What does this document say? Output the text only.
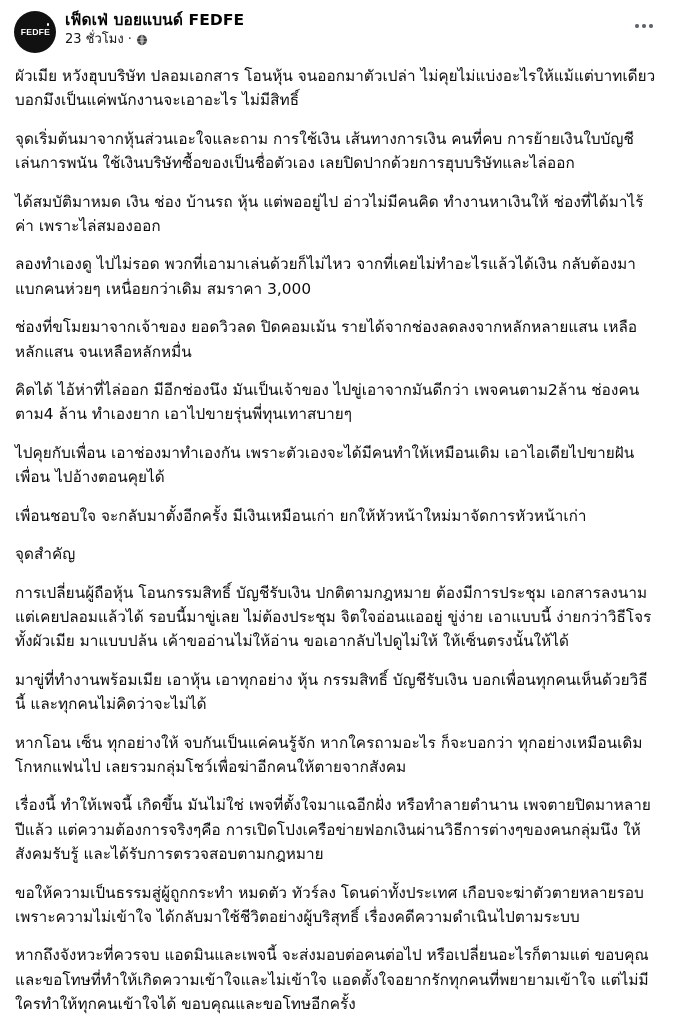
FEDFE
เฟ็ดเฟ่ บอยแบนด์ FEDFE
23 ชั่วโมง ·

ผัวเมีย หวังฮุบบริษัท ปลอมเอกสาร โอนหุ้น จนออกมาตัวเปล่า ไม่คุยไม่แบ่งอะไรให้แม้แต่บาทเดียว บอกมึงเป็นแค่พนักงานจะเอาอะไร ไม่มีสิทธิ์

จุดเริ่มต้นมาจากหุ้นส่วนเอะใจและถาม การใช้เงิน เส้นทางการเงิน คนที่คบ การย้ายเงินใบบัญชี เล่นการพนัน ใช้เงินบริษัทซื้อของเป็นชื่อตัวเอง เลยปิดปากด้วยการฮุบบริษัทและไล่ออก

ได้สมบัติมาหมด เงิน ช่อง บ้านรถ หุ้น แต่พออยู่ไป อ่าวไม่มีคนคิด ทำงานหาเงินให้ ช่องที่ได้มาไร้ค่า เพราะไล่สมองออก

ลองทำเองดู ไปไม่รอด พวกที่เอามาเล่นด้วยก็ไม่ไหว จากที่เคยไม่ทำอะไรแล้วได้เงิน กลับต้องมาแบกคนห่วยๆ เหนื่อยกว่าเดิม สมราคา 3,000

ช่องที่ขโมยมาจากเจ้าของ ยอดวิวลด ปิดคอมเม้น รายได้จากช่องลดลงจากหลักหลายแสน เหลือหลักแสน จนเหลือหลักหมื่น

คิดได้ ไอ้ห่าที่ไล่ออก มีอีกช่องนึง มันเป็นเจ้าของ ไปขู่เอาจากมันดีกว่า เพจคนตาม2ล้าน ช่องคนตาม4 ล้าน ทำเองยาก เอาไปขายรุ่นพี่ทุนเทาสบายๆ

ไปคุยกับเพื่อน เอาช่องมาทำเองกัน เพราะตัวเองจะได้มีคนทำให้เหมือนเดิม เอาไอเดียไปขายฝันเพื่อน ไปอ้างตอนคุยได้

เพื่อนชอบใจ จะกลับมาตั้งอีกครั้ง มีเงินเหมือนเก่า ยกให้หัวหน้าใหม่มาจัดการหัวหน้าเก่า

จุดสำคัญ

การเปลี่ยนผู้ถือหุ้น โอนกรรมสิทธิ์ บัญชีรับเงิน ปกติตามกฎหมาย ต้องมีการประชุม เอกสารลงนาม แต่เคยปลอมแล้วได้ รอบนี้มาขู่เลย ไม่ต้องประชุม จิตใจอ่อนแออยู่ ขู่ง่าย เอาแบบนี้ ง่ายกว่าวิธีโจรทั้งผัวเมีย มาแบบปล้น เค้าขออ่านไม่ให้อ่าน ขอเอากลับไปดูไม่ให้ ให้เซ็นตรงนั้นให้ได้

มาขู่ที่ทำงานพร้อมเมีย เอาหุ้น เอาทุกอย่าง หุ้น กรรมสิทธิ์ บัญชีรับเงิน บอกเพื่อนทุกคนเห็นด้วยวิธีนี้ และทุกคนไม่คิดว่าจะไม่ได้

หากโอน เซ็น ทุกอย่างให้ จบกันเป็นแค่คนรู้จัก หากใครถามอะไร ก็จะบอกว่า ทุกอย่างเหมือนเดิมโกหกแฟนไป เลยรวมกลุ่มโชว์เพื่อฆ่าอีกคนให้ตายจากสังคม

เรื่องนี้ ทำให้เพจนี้ เกิดขึ้น มันไม่ใช่ เพจที่ตั้งใจมาแฉอีกฝั่ง หรือทำลายตำนาน เพจตายปิดมาหลายปีแล้ว แต่ความต้องการจริงๆคือ การเปิดโปงเครือข่ายฟอกเงินผ่านวิธีการต่างๆของคนกลุ่มนึง ให้สังคมรับรู้ และได้รับการตรวจสอบตามกฎหมาย

ขอให้ความเป็นธรรมสู่ผู้ถูกกระทำ หมดตัว ทัวร์ลง โดนด่าทั้งประเทศ เกือบจะฆ่าตัวตายหลายรอบ เพราะความไม่เข้าใจ ได้กลับมาใช้ชีวิตอย่างผู้บริสุทธิ์ เรื่องคดีความดำเนินไปตามระบบ

หากถึงจังหวะที่ควรจบ แอดมินและเพจนี้ จะส่งมอบต่อคนต่อไป หรือเปลี่ยนอะไรก็ตามแต่ ขอบคุณและขอโทษที่ทำให้เกิดความเข้าใจและไม่เข้าใจ แอดตั้งใจอยากรักทุกคนที่พยายามเข้าใจ แต่ไม่มีใครทำให้ทุกคนเข้าใจได้ ขอบคุณและขอโทษอีกครั้ง
